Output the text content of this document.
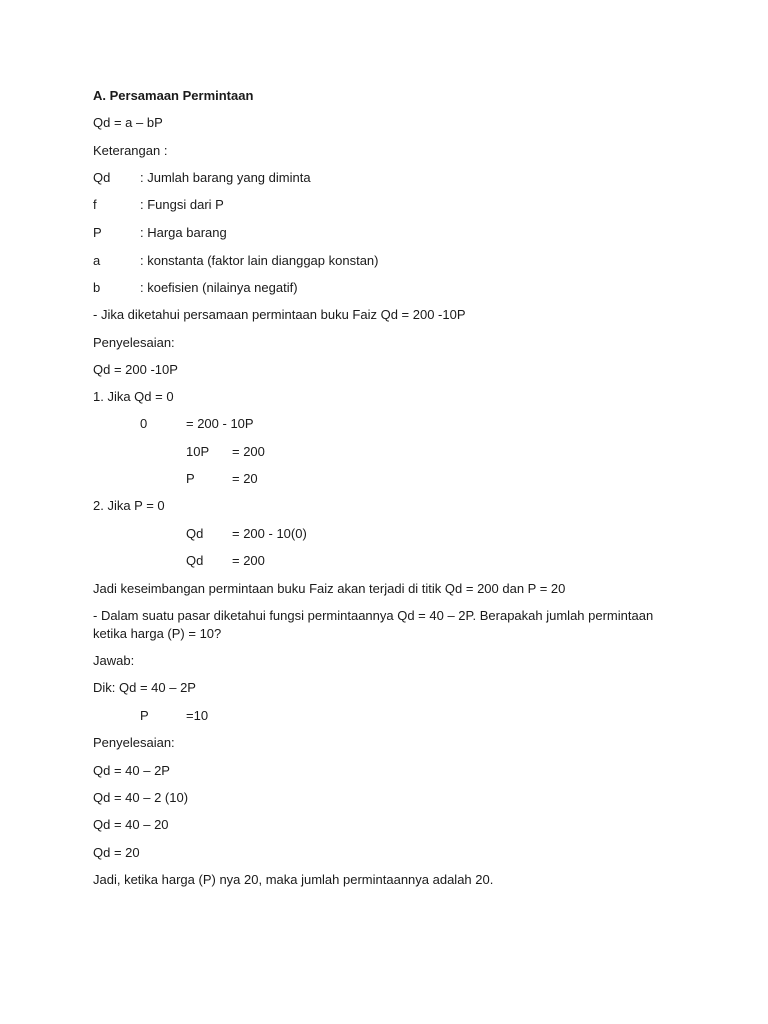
A. Persamaan Permintaan
Qd = a – bP
Keterangan :
Qd : Jumlah barang yang diminta
f	: Fungsi dari P
P	: Harga barang
a	: konstanta (faktor lain dianggap konstan)
b	: koefisien (nilainya negatif)
- Jika diketahui persamaan permintaan buku Faiz Qd = 200 -10P
Penyelesaian:
Qd = 200 -10P
1. Jika Qd = 0
0	= 200 - 10P
10P = 200
P	= 20
2. Jika P = 0
Qd = 200 - 10(0)
Qd = 200
Jadi keseimbangan permintaan buku Faiz akan terjadi di titik Qd = 200 dan P = 20
- Dalam suatu pasar diketahui fungsi permintaannya Qd = 40 – 2P. Berapakah jumlah permintaan ketika harga (P) = 10?
Jawab:
Dik: Qd = 40 – 2P
P	=10
Penyelesaian:
Qd = 40 – 2P
Qd = 40 – 2 (10)
Qd = 40 – 20
Qd = 20
Jadi, ketika harga (P) nya 20, maka jumlah permintaannya adalah 20.
